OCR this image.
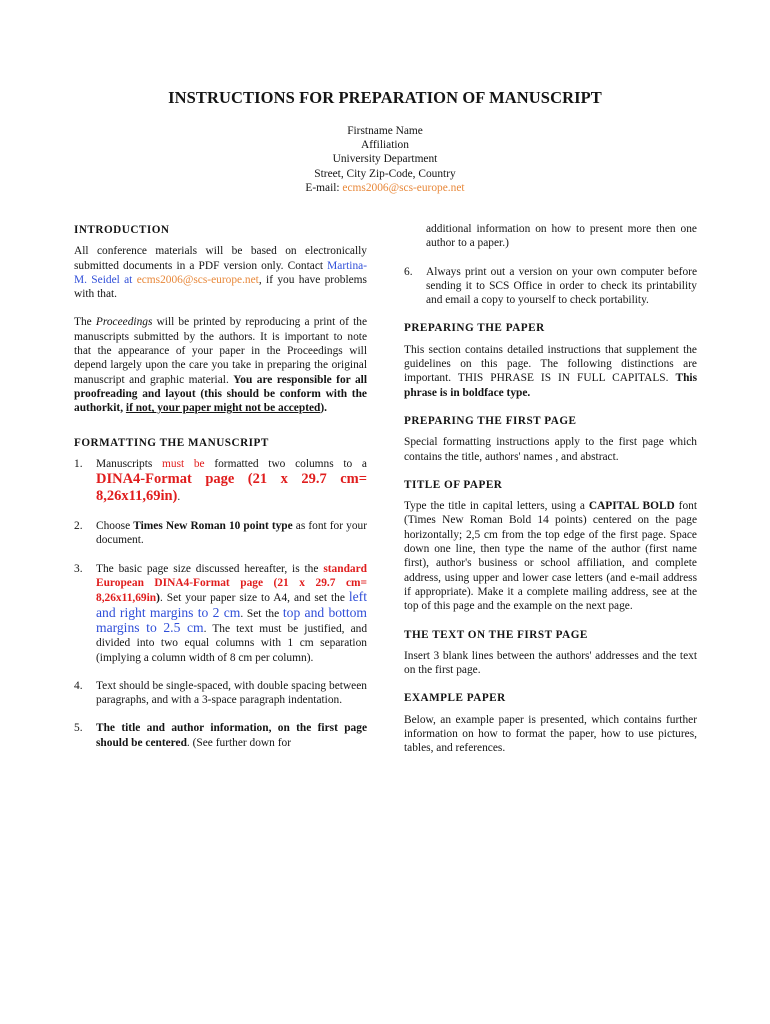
INSTRUCTIONS FOR PREPARATION OF MANUSCRIPT
Firstname Name
Affiliation
University Department
Street, City Zip-Code, Country
E-mail: ecms2006@scs-europe.net
INTRODUCTION

All conference materials will be based on electronically submitted documents in a PDF version only. Contact Martina-M. Seidel at ecms2006@scs-europe.net, if you have problems with that.

The Proceedings will be printed by reproducing a print of the manuscripts submitted by the authors. It is important to note that the appearance of your paper in the Proceedings will depend largely upon the care you take in preparing the original manuscript and graphic material. You are responsible for all proofreading and layout (this should be conform with the authorkit, if not, your paper might not be accepted).

FORMATTING THE MANUSCRIPT
1. Manuscripts must be formatted two columns to a DINA4-Format page (21 x 29.7 cm= 8,26x11,69in).
2. Choose Times New Roman 10 point type as font for your document.
3. The basic page size discussed hereafter, is the standard European DINA4-Format page (21 x 29.7 cm= 8,26x11,69in). Set your paper size to A4, and set the left and right margins to 2 cm. Set the top and bottom margins to 2.5 cm. The text must be justified, and divided into two equal columns with 1 cm separation (implying a column width of 8 cm per column).
4. Text should be single-spaced, with double spacing between paragraphs, and with a 3-space paragraph indentation.
5. The title and author information, on the first page should be centered. (See further down for

additional information on how to present more then one author to a paper.)

6. Always print out a version on your own computer before sending it to SCS Office in order to check its printability and email a copy to yourself to check portability.
PREPARING THE PAPER

This section contains detailed instructions that supplement the guidelines on this page. The following distinctions are important. THIS PHRASE IS IN FULL CAPITALS. This phrase is in boldface type.

PREPARING THE FIRST PAGE

Special formatting instructions apply to the first page which contains the title, authors' names , and abstract.

TITLE OF PAPER

Type the title in capital letters, using a CAPITAL BOLD font (Times New Roman Bold 14 points) centered on the page horizontally; 2,5 cm from the top edge of the first page. Space down one line, then type the name of the author (first name first), author's business or school affiliation, and complete address, using upper and lower case letters (and e-mail address if appropriate). Make it a complete mailing address, see at the top of this page and the example on the next page.

THE TEXT ON THE FIRST PAGE

Insert 3 blank lines between the authors' addresses and the text on the first page.

EXAMPLE PAPER

Below, an example paper is presented, which contains further information on how to format the paper, how to use pictures, tables, and references.
